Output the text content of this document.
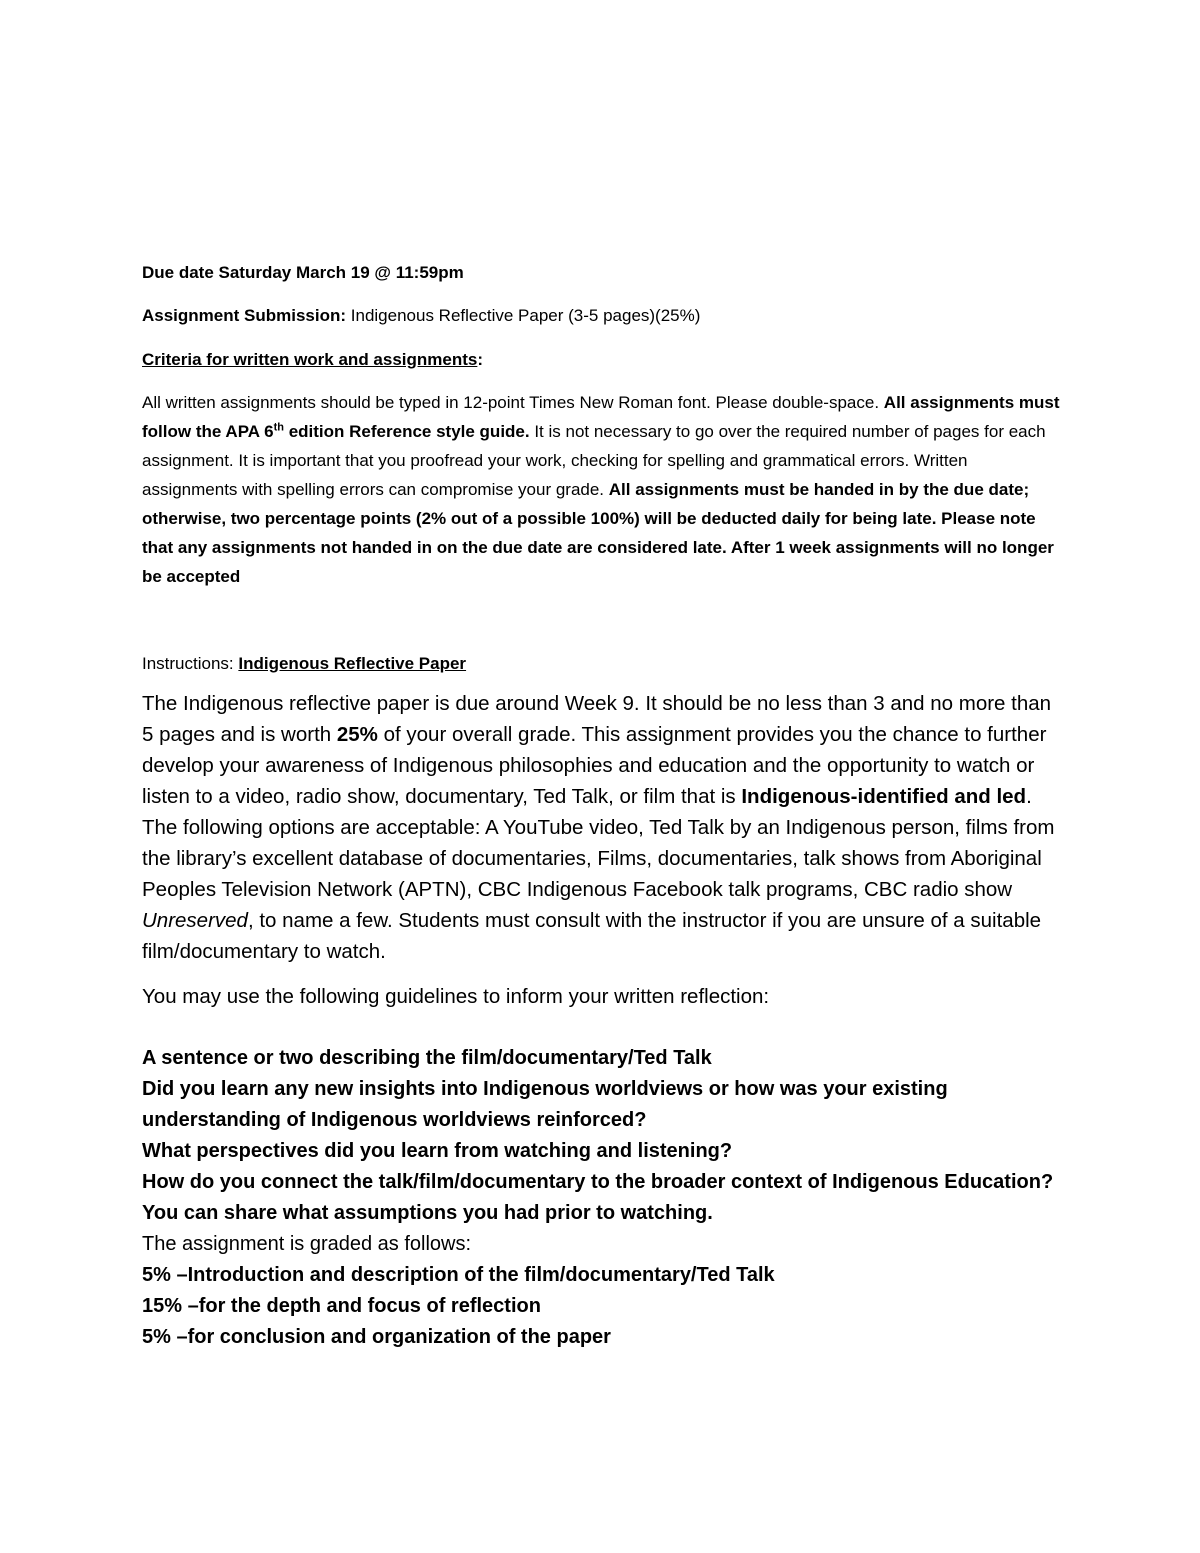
Due date Saturday March 19 @ 11:59pm

Assignment Submission: Indigenous Reflective Paper (3-5 pages)(25%)

Criteria for written work and assignments:

All written assignments should be typed in 12-point Times New Roman font. Please double-space. All assignments must follow the APA 6th edition Reference style guide. It is not necessary to go over the required number of pages for each assignment. It is important that you proofread your work, checking for spelling and grammatical errors. Written assignments with spelling errors can compromise your grade. All assignments must be handed in by the due date; otherwise, two percentage points (2% out of a possible 100%) will be deducted daily for being late. Please note that any assignments not handed in on the due date are considered late. After 1 week assignments will no longer be accepted

Instructions: Indigenous Reflective Paper

The Indigenous reflective paper is due around Week 9. It should be no less than 3 and no more than 5 pages and is worth 25% of your overall grade. This assignment provides you the chance to further develop your awareness of Indigenous philosophies and education and the opportunity to watch or listen to a video, radio show, documentary, Ted Talk, or film that is Indigenous-identified and led. The following options are acceptable: A YouTube video, Ted Talk by an Indigenous person, films from the library’s excellent database of documentaries, Films, documentaries, talk shows from Aboriginal Peoples Television Network (APTN), CBC Indigenous Facebook talk programs, CBC radio show Unreserved, to name a few. Students must consult with the instructor if you are unsure of a suitable film/documentary to watch.

You may use the following guidelines to inform your written reflection:

A sentence or two describing the film/documentary/Ted Talk
Did you learn any new insights into Indigenous worldviews or how was your existing understanding of Indigenous worldviews reinforced?
What perspectives did you learn from watching and listening?
How do you connect the talk/film/documentary to the broader context of Indigenous Education?
You can share what assumptions you had prior to watching.
The assignment is graded as follows:
5% –Introduction and description of the film/documentary/Ted Talk
15% –for the depth and focus of reflection
5% –for conclusion and organization of the paper
